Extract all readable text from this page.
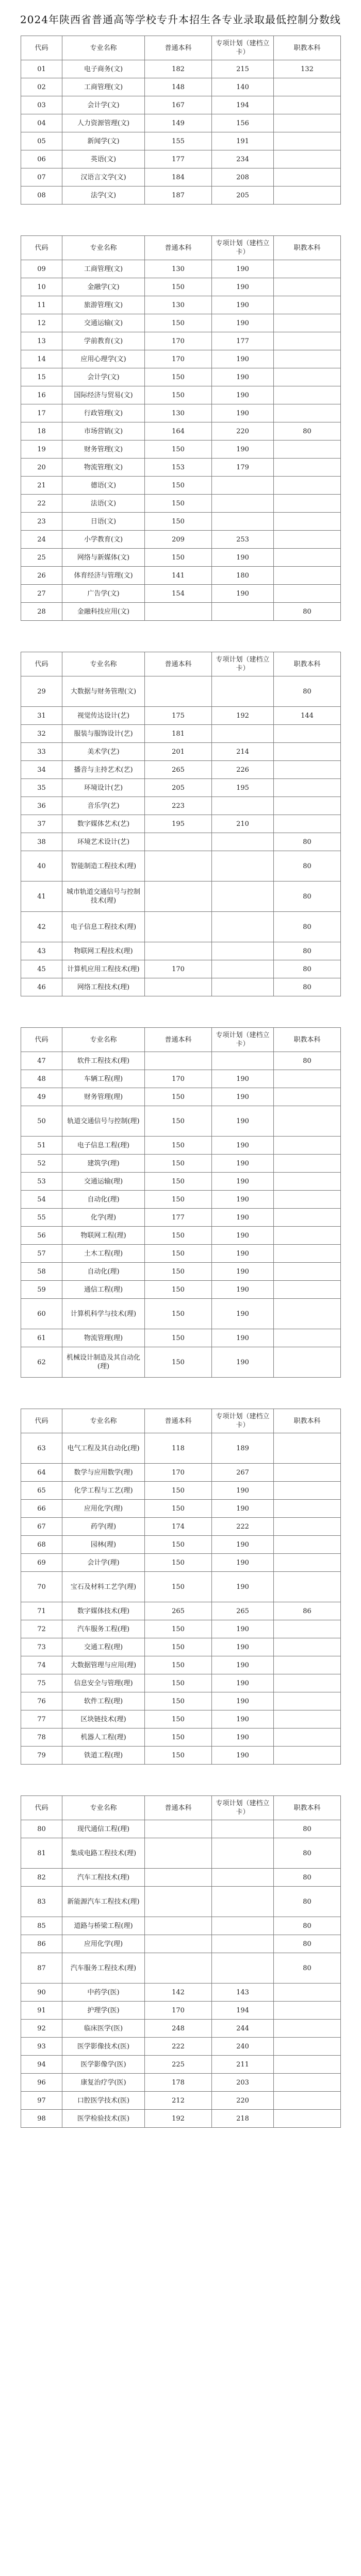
2024年陕西省普通高等学校专升本招生各专业录取最低控制分数线
代码	专业名称	普通本科	专项计划（建档立卡）	职教本科
01	电子商务(文)	182	215	132
02	工商管理(文)	148	140	
03	会计学(文)	167	194	
04	人力资源管理(文)	149	156	
05	新闻学(文)	155	191	
06	英语(文)	177	234	
07	汉语言文学(文)	184	208	
08	法学(文)	187	205	
代码	专业名称	普通本科	专项计划（建档立卡）	职教本科
09	工商管理(文)	130	190	
10	金融学(文)	150	190	
11	旅游管理(文)	130	190	
12	交通运输(文)	150	190	
13	学前教育(文)	170	177	
14	应用心理学(文)	170	190	
15	会计学(文)	150	190	
16	国际经济与贸易(文)	150	190	
17	行政管理(文)	130	190	
18	市场营销(文)	164	220	80
19	财务管理(文)	150	190	
20	物流管理(文)	153	179	
21	德语(文)	150		
22	法语(文)	150		
23	日语(文)	150		
24	小学教育(文)	209	253	
25	网络与新媒体(文)	150	190	
26	体育经济与管理(文)	141	180	
27	广告学(文)	154	190	
28	金融科技应用(文)			80
代码	专业名称	普通本科	专项计划（建档立卡）	职教本科
29	大数据与财务管理(文)			80
31	视觉传达设计(艺)	175	192	144
32	服装与服饰设计(艺)	181		
33	美术学(艺)	201	214	
34	播音与主持艺术(艺)	265	226	
35	环境设计(艺)	205	195	
36	音乐学(艺)	223		
37	数字媒体艺术(艺)	195	210	
38	环境艺术设计(艺)			80
40	智能制造工程技术(理)			80
41	城市轨道交通信号与控制技术(理)			80
42	电子信息工程技术(理)			80
43	物联网工程技术(理)			80
45	计算机应用工程技术(理)	170		80
46	网络工程技术(理)			80
代码	专业名称	普通本科	专项计划（建档立卡）	职教本科
47	软件工程技术(理)			80
48	车辆工程(理)	170	190	
49	财务管理(理)	150	190	
50	轨道交通信号与控制(理)	150	190	
51	电子信息工程(理)	150	190	
52	建筑学(理)	150	190	
53	交通运输(理)	150	190	
54	自动化(理)	150	190	
55	化学(理)	177	190	
56	物联网工程(理)	150	190	
57	土木工程(理)	150	190	
58	自动化(理)	150	190	
59	通信工程(理)	150	190	
60	计算机科学与技术(理)	150	190	
61	物流管理(理)	150	190	
62	机械设计制造及其自动化(理)	150	190	
代码	专业名称	普通本科	专项计划（建档立卡）	职教本科
63	电气工程及其自动化(理)	118	189	
64	数学与应用数学(理)	170	267	
65	化学工程与工艺(理)	150	190	
66	应用化学(理)	150	190	
67	药学(理)	174	222	
68	园林(理)	150	190	
69	会计学(理)	150	190	
70	宝石及材料工艺学(理)	150	190	
71	数字媒体技术(理)	265	265	86
72	汽车服务工程(理)	150	190	
73	交通工程(理)	150	190	
74	大数据管理与应用(理)	150	190	
75	信息安全与管理(理)	150	190	
76	软件工程(理)	150	190	
77	区块链技术(理)	150	190	
78	机器人工程(理)	150	190	
79	铁道工程(理)	150	190	
代码	专业名称	普通本科	专项计划（建档立卡）	职教本科
80	现代通信工程(理)			80
81	集成电路工程技术(理)			80
82	汽车工程技术(理)			80
83	新能源汽车工程技术(理)			80
85	道路与桥梁工程(理)			80
86	应用化学(理)			80
87	汽车服务工程技术(理)			80
90	中药学(医)	142	143	
91	护理学(医)	170	194	
92	临床医学(医)	248	244	
93	医学影像技术(医)	222	240	
94	医学影像学(医)	225	211	
96	康复治疗学(医)	178	203	
97	口腔医学技术(医)	212	220	
98	医学检验技术(医)	192	218	
